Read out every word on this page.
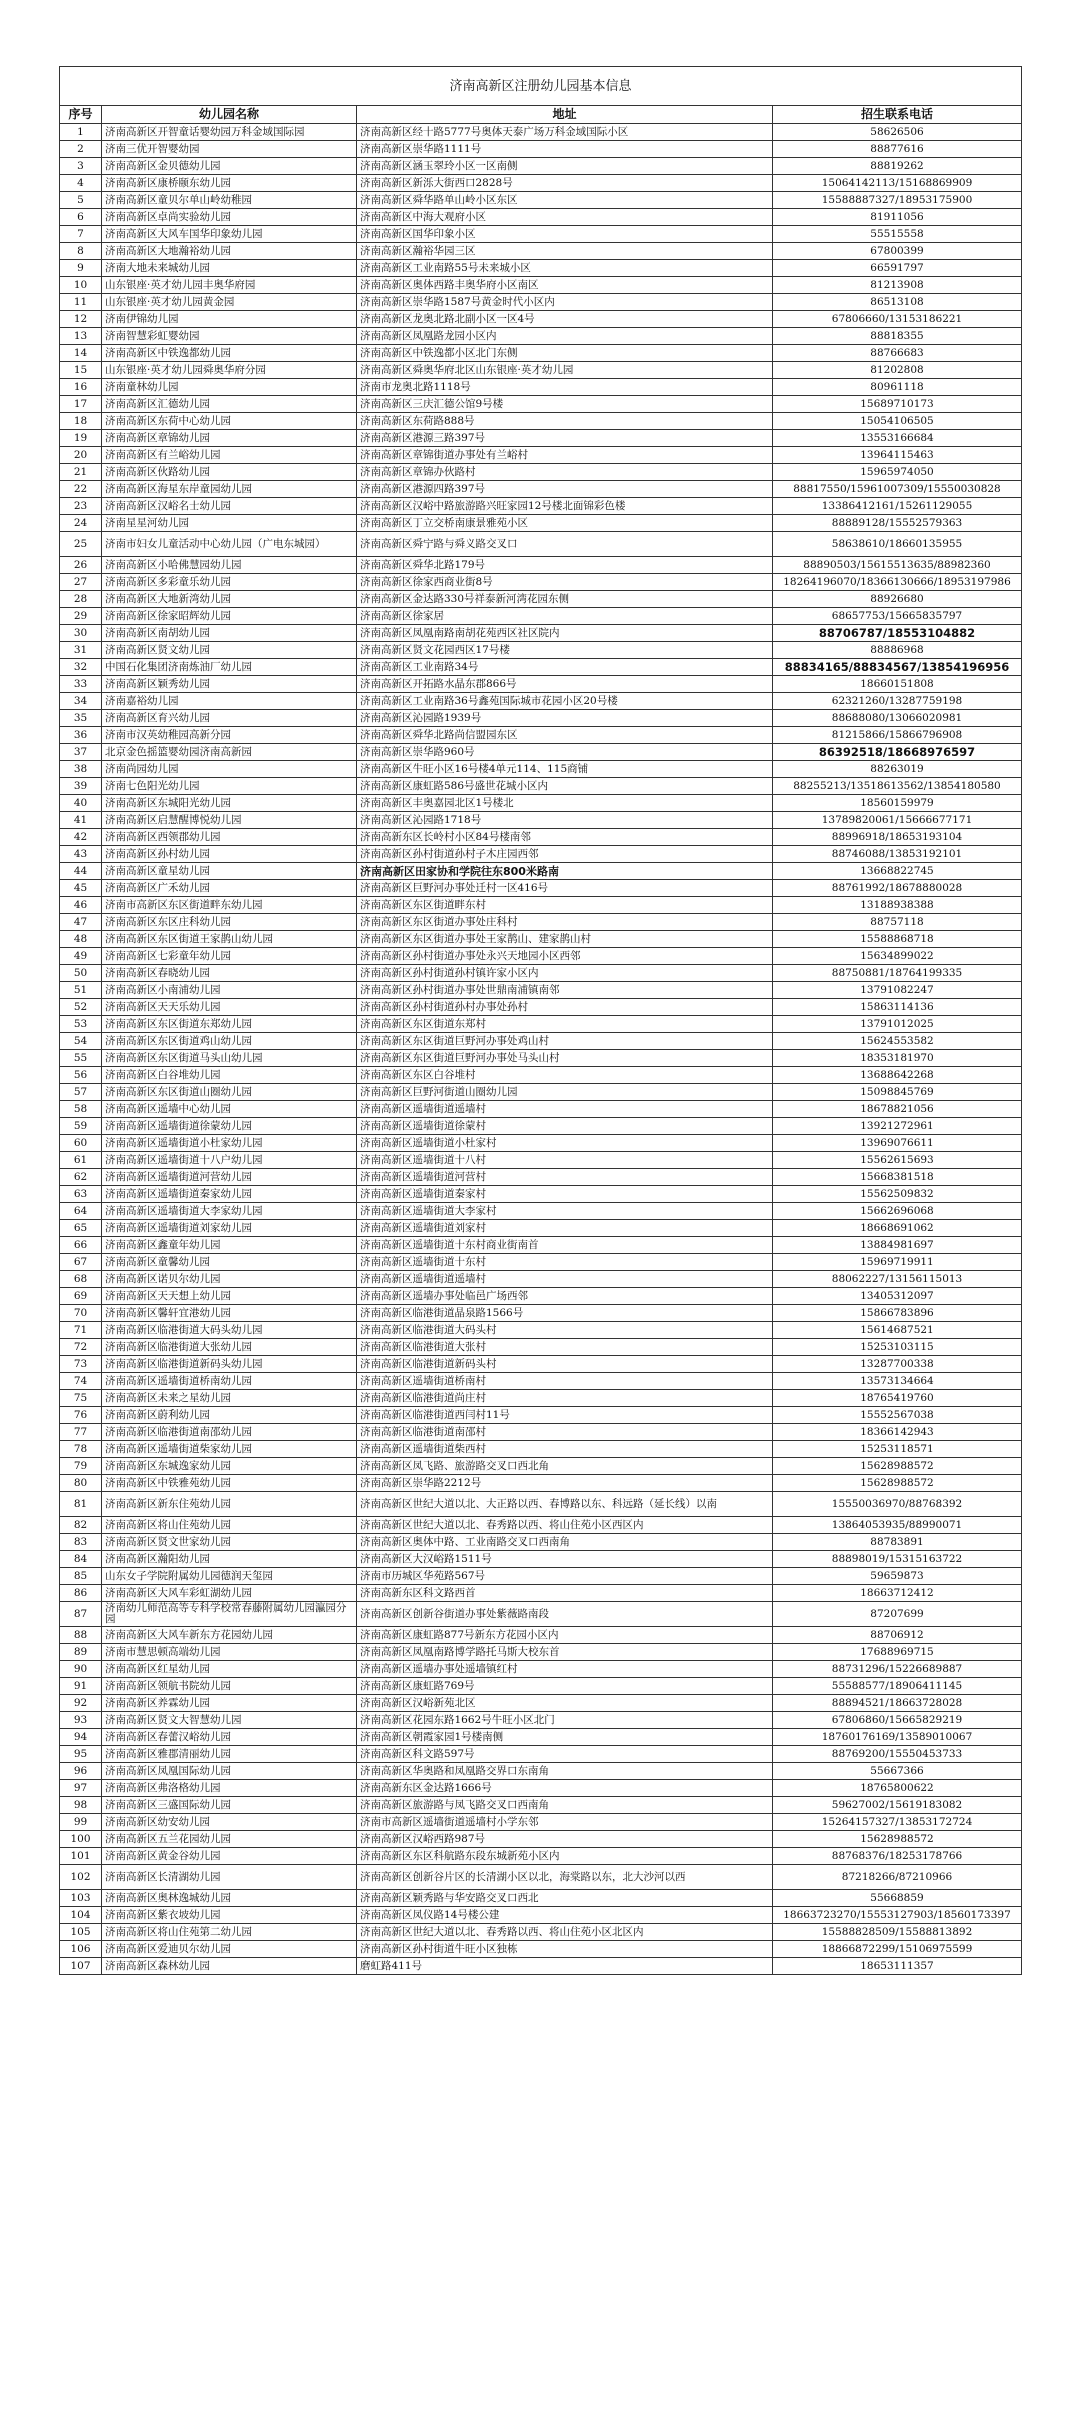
济南高新区注册幼儿园基本信息			
序号	幼儿园名称	地址	招生联系电话
1	济南高新区开智童话婴幼园万科金域国际园	济南高新区经十路5777号奥体天泰广场万科金域国际小区	58626506
2	济南三优开智婴幼园	济南高新区崇华路1111号	88877616
3	济南高新区金贝德幼儿园	济南高新区涵玉翠玲小区一区南侧	88819262
4	济南高新区康桥颐东幼儿园	济南高新区新泺大街西口2828号	15064142113/15168869909
5	济南高新区童贝尔单山岭幼稚园	济南高新区舜华路单山岭小区东区	15588887327/18953175900
6	济南高新区卓尚实验幼儿园	济南高新区中海大观府小区	81911056
7	济南高新区大风车国华印象幼儿园	济南高新区国华印象小区	55515558
8	济南高新区大地瀚裕幼儿园	济南高新区瀚裕华园三区	67800399
9	济南大地未来城幼儿园	济南高新区工业南路55号未来城小区	66591797
10	山东银座·英才幼儿园丰奥华府园	济南高新区奥体西路丰奥华府小区南区	81213908
11	山东银座·英才幼儿园黄金园	济南高新区崇华路1587号黄金时代小区内	86513108
12	济南伊锦幼儿园	济南高新区龙奥北路北副小区一区4号	67806660/13153186221
13	济南智慧彩虹婴幼园	济南高新区凤凰路龙园小区内	88818355
14	济南高新区中铁逸都幼儿园	济南高新区中铁逸都小区北门东侧	88766683
15	山东银座·英才幼儿园舜奥华府分园	济南高新区舜奥华府北区山东银座·英才幼儿园	81202808
16	济南童林幼儿园	济南市龙奥北路1118号	80961118
17	济南高新区汇德幼儿园	济南高新区三庆汇德公馆9号楼	15689710173
18	济南高新区东荷中心幼儿园	济南高新区东荷路888号	15054106505
19	济南高新区章锦幼儿园	济南高新区港源三路397号	13553166684
20	济南高新区有兰峪幼儿园	济南高新区章锦街道办事处有兰峪村	13964115463
21	济南高新区伙路幼儿园	济南高新区章锦办伙路村	15965974050
22	济南高新区海星东岸童园幼儿园	济南高新区港源四路397号	88817550/15961007309/15550030828
23	济南高新区汉峪名士幼儿园	济南高新区汉峪中路旅游路兴旺家园12号楼北面锦彩色楼	13386412161/15261129055
24	济南星星河幼儿园	济南高新区丁立交桥南康景雅苑小区	88889128/15552579363
25	济南市妇女儿童活动中心幼儿园（广电东城园）	济南高新区舜宁路与舜义路交叉口	58638610/18660135955
26	济南高新区小哈佛慧园幼儿园	济南高新区舜华北路179号	88890503/15615513635/88982360
27	济南高新区多彩童乐幼儿园	济南高新区徐家西商业街8号	18264196070/18366130666/18953197986
28	济南高新区大地新湾幼儿园	济南高新区金达路330号祥泰新河湾花园东侧	88926680
29	济南高新区徐家昭辉幼儿园	济南高新区徐家居	68657753/15665835797
30	济南高新区南胡幼儿园	济南高新区凤凰南路南胡花苑西区社区院内	88706787/18553104882
31	济南高新区贤文幼儿园	济南高新区贤文花园西区17号楼	88886968
32	中国石化集团济南炼油厂幼儿园	济南高新区工业南路34号	88834165/88834567/13854196956
33	济南高新区颖秀幼儿园	济南高新区开拓路水晶东郡866号	18660151808
34	济南嘉裕幼儿园	济南高新区工业南路36号鑫苑国际城市花园小区20号楼	62321260/13287759198
35	济南高新区育兴幼儿园	济南高新区沁园路1939号	88688080/13066020981
36	济南市汉英幼稚园高新分园	济南高新区舜华北路尚信盟园东区	81215866/15866796908
37	北京金色摇篮婴幼园济南高新园	济南高新区崇华路960号	86392518/18668976597
38	济南尚园幼儿园	济南高新区牛旺小区16号楼4单元114、115商铺	88263019
39	济南七色阳光幼儿园	济南高新区康虹路586号盛世花城小区内	88255213/13518613562/13854180580
40	济南高新区东城阳光幼儿园	济南高新区丰奥嘉园北区1号楼北	18560159979
41	济南高新区启慧醒博悦幼儿园	济南高新区沁园路1718号	13789820061/15666677171
42	济南高新区西领郡幼儿园	济南高新东区长岭村小区84号楼南邻	88996918/18653193104
43	济南高新区孙村幼儿园	济南高新区孙村街道孙村子木庄园西邻	88746088/13853192101
44	济南高新区童星幼儿园	济南高新区田家协和学院往东800米路南	13668822745
45	济南高新区广禾幼儿园	济南高新区巨野河办事处迁村一区416号	88761992/18678880028
46	济南市高新区东区街道畔东幼儿园	济南高新区东区街道畔东村	13188938388
47	济南高新区东区庄科幼儿园	济南高新区东区街道办事处庄科村	88757118
48	济南高新区东区街道王家鹊山幼儿园	济南高新区东区街道办事处王家鹊山、建家鹊山村	15588868718
49	济南高新区七彩童年幼儿园	济南高新区孙村街道办事处永兴天地园小区西邻	15634899022
50	济南高新区春晓幼儿园	济南高新区孙村街道孙村镇许家小区内	88750881/18764199335
51	济南高新区小南浦幼儿园	济南高新区孙村街道办事处世鼎南浦镇南邻	13791082247
52	济南高新区天天乐幼儿园	济南高新区孙村街道孙村办事处孙村	15863114136
53	济南高新区东区街道东郑幼儿园	济南高新区东区街道东郑村	13791012025
54	济南高新区东区街道鸡山幼儿园	济南高新区东区街道巨野河办事处鸡山村	15624553582
55	济南高新区东区街道马头山幼儿园	济南高新区东区街道巨野河办事处马头山村	18353181970
56	济南高新区白谷堆幼儿园	济南高新区东区白谷堆村	13688642268
57	济南高新区东区街道山圈幼儿园	济南高新区巨野河街道山圈幼儿园	15098845769
58	济南高新区遥墙中心幼儿园	济南高新区遥墙街道遥墙村	18678821056
59	济南高新区遥墙街道徐蒙幼儿园	济南高新区遥墙街道徐蒙村	13921272961
60	济南高新区遥墙街道小杜家幼儿园	济南高新区遥墙街道小杜家村	13969076611
61	济南高新区遥墙街道十八户幼儿园	济南高新区遥墙街道十八村	15562615693
62	济南高新区遥墙街道河营幼儿园	济南高新区遥墙街道河营村	15668381518
63	济南高新区遥墙街道秦家幼儿园	济南高新区遥墙街道秦家村	15562509832
64	济南高新区遥墙街道大李家幼儿园	济南高新区遥墙街道大李家村	15662696068
65	济南高新区遥墙街道刘家幼儿园	济南高新区遥墙街道刘家村	18668691062
66	济南高新区鑫童年幼儿园	济南高新区遥墙街道十东村商业街南首	13884981697
67	济南高新区童馨幼儿园	济南高新区遥墙街道十东村	15969719911
68	济南高新区诺贝尔幼儿园	济南高新区遥墙街道遥墙村	88062227/13156115013
69	济南高新区天天想上幼儿园	济南高新区遥墙办事处临邑广场西邻	13405312097
70	济南高新区馨轩宜港幼儿园	济南高新区临港街道晶泉路1566号	15866783896
71	济南高新区临港街道大码头幼儿园	济南高新区临港街道大码头村	15614687521
72	济南高新区临港街道大张幼儿园	济南高新区临港街道大张村	15253103115
73	济南高新区临港街道新码头幼儿园	济南高新区临港街道新码头村	13287700338
74	济南高新区遥墙街道桥南幼儿园	济南高新区遥墙街道桥南村	13573134664
75	济南高新区未来之星幼儿园	济南高新区临港街道尚庄村	18765419760
76	济南高新区蔚利幼儿园	济南高新区临港街道西闫村11号	15552567038
77	济南高新区临港街道南邵幼儿园	济南高新区临港街道南邵村	18366142943
78	济南高新区遥墙街道柴家幼儿园	济南高新区遥墙街道柴西村	15253118571
79	济南高新区东城逸家幼儿园	济南高新区凤飞路、旅游路交叉口西北角	15628988572
80	济南高新区中铁雅苑幼儿园	济南高新区崇华路2212号	15628988572
81	济南高新区新东住苑幼儿园	济南高新区世纪大道以北、大正路以西、春博路以东、科远路（延长线）以南	15550036970/88768392
82	济南高新区将山住苑幼儿园	济南高新区世纪大道以北、春秀路以西、将山住苑小区西区内	13864053935/88990071
83	济南高新区贤文世家幼儿园	济南高新区奥体中路、工业南路交叉口西南角	88783891
84	济南高新区瀚阳幼儿园	济南高新区大汉峪路1511号	88898019/15315163722
85	山东女子学院附属幼儿园德润天玺园	济南市历城区华苑路567号	59659873
86	济南高新区大风车彩虹湖幼儿园	济南高新东区科文路西首	18663712412
87	济南幼儿师范高等专科学校常春藤附属幼儿园瀛园分园	济南高新区创新谷街道办事处紫薇路南段	87207699
88	济南高新区大风车新东方花园幼儿园	济南高新区康虹路877号新东方花园小区内	88706912
89	济南市慧思顿高端幼儿园	济南高新区凤凰南路博学路托马斯大校东首	17688969715
90	济南高新区红星幼儿园	济南高新区遥墙办事处遥墙镇红村	88731296/15226689887
91	济南高新区领航书院幼儿园	济南高新区康虹路769号	55588577/18906411145
92	济南高新区养霖幼儿园	济南高新区汉峪新苑北区	88894521/18663728028
93	济南高新区贤文大智慧幼儿园	济南高新区花园东路1662号牛旺小区北门	67806860/15665829219
94	济南高新区春蕾汉峪幼儿园	济南高新区朝霞家园1号楼南侧	18760176169/13589010067
95	济南高新区雅郡清丽幼儿园	济南高新区科文路597号	88769200/15550453733
96	济南高新区凤凰国际幼儿园	济南高新区华奥路和凤凰路交界口东南角	55667366
97	济南高新区弗洛格幼儿园	济南高新东区金达路1666号	18765800622
98	济南高新区三盛国际幼儿园	济南高新区旅游路与凤飞路交叉口西南角	59627002/15619183082
99	济南高新区幼安幼儿园	济南市高新区遥墙街道遥墙村小学东邻	15264157327/13853172724
100	济南高新区五兰花园幼儿园	济南高新区汉峪西路987号	15628988572
101	济南高新区黄金谷幼儿园	济南高新区东区科航路东段东城新苑小区内	88768376/18253178766
102	济南高新区长清湖幼儿园	济南高新区创新谷片区的长清湖小区以北，海棠路以东，北大沙河以西	87218266/87210966
103	济南高新区奥林逸城幼儿园	济南高新区颖秀路与华安路交叉口西北	55668859
104	济南高新区紫衣坡幼儿园	济南高新区凤仪路14号楼公建	18663723270/15553127903/18560173397
105	济南高新区将山住苑第二幼儿园	济南高新区世纪大道以北、春秀路以西、将山住苑小区北区内	15588828509/15588813892
106	济南高新区爱迪贝尔幼儿园	济南高新区孙村街道牛旺小区独栋	18866872299/15106975599
107	济南高新区森林幼儿园	磨虹路411号	18653111357
